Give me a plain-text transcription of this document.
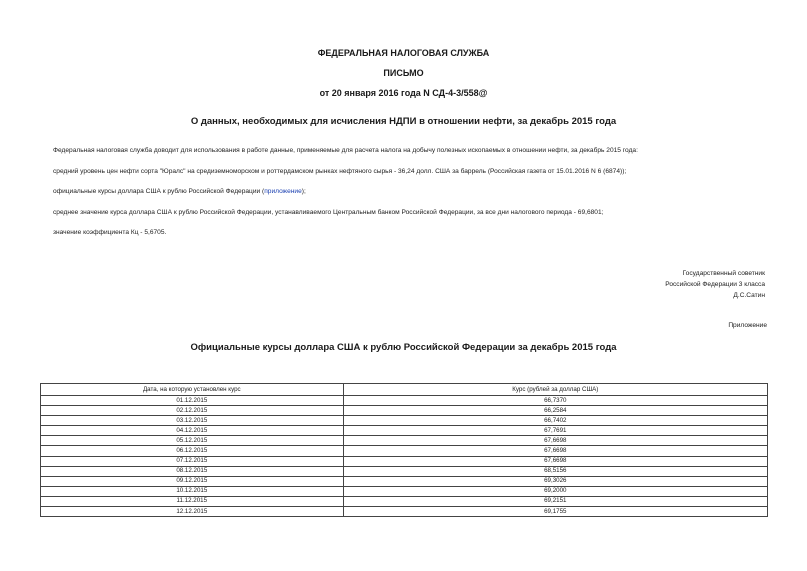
ФЕДЕРАЛЬНАЯ НАЛОГОВАЯ СЛУЖБА
ПИСЬМО
от 20 января 2016 года N СД-4-3/558@
О данных, необходимых для исчисления НДПИ в отношении нефти, за декабрь 2015 года
Федеральная налоговая служба доводит для использования в работе данные, применяемые для расчета налога на добычу полезных ископаемых в отношении нефти, за декабрь 2015 года:
средний уровень цен нефти сорта "Юралс" на средиземноморском и роттердамском рынках нефтяного сырья - 36,24 долл. США за баррель (Российская газета от 15.01.2016 N 6 (6874));
официальные курсы доллара США к рублю Российской Федерации (приложение);
среднее значение курса доллара США к рублю Российской Федерации, устанавливаемого Центральным банком Российской Федерации, за все дни налогового периода - 69,6801;
значение коэффициента Кц - 5,6705.
Государственный советник
Российской Федерации 3 класса
Д.С.Сатин
Приложение
Официальные курсы доллара США к рублю Российской Федерации за декабрь 2015 года
Дата, на которую установлен курс	Курс (рублей за доллар США)
01.12.2015	66,7370
02.12.2015	66,2584
03.12.2015	66,7402
04.12.2015	67,7691
05.12.2015	67,6698
06.12.2015	67,6698
07.12.2015	67,6698
08.12.2015	68,5156
09.12.2015	69,3026
10.12.2015	69,2000
11.12.2015	69,2151
12.12.2015	69,1755
